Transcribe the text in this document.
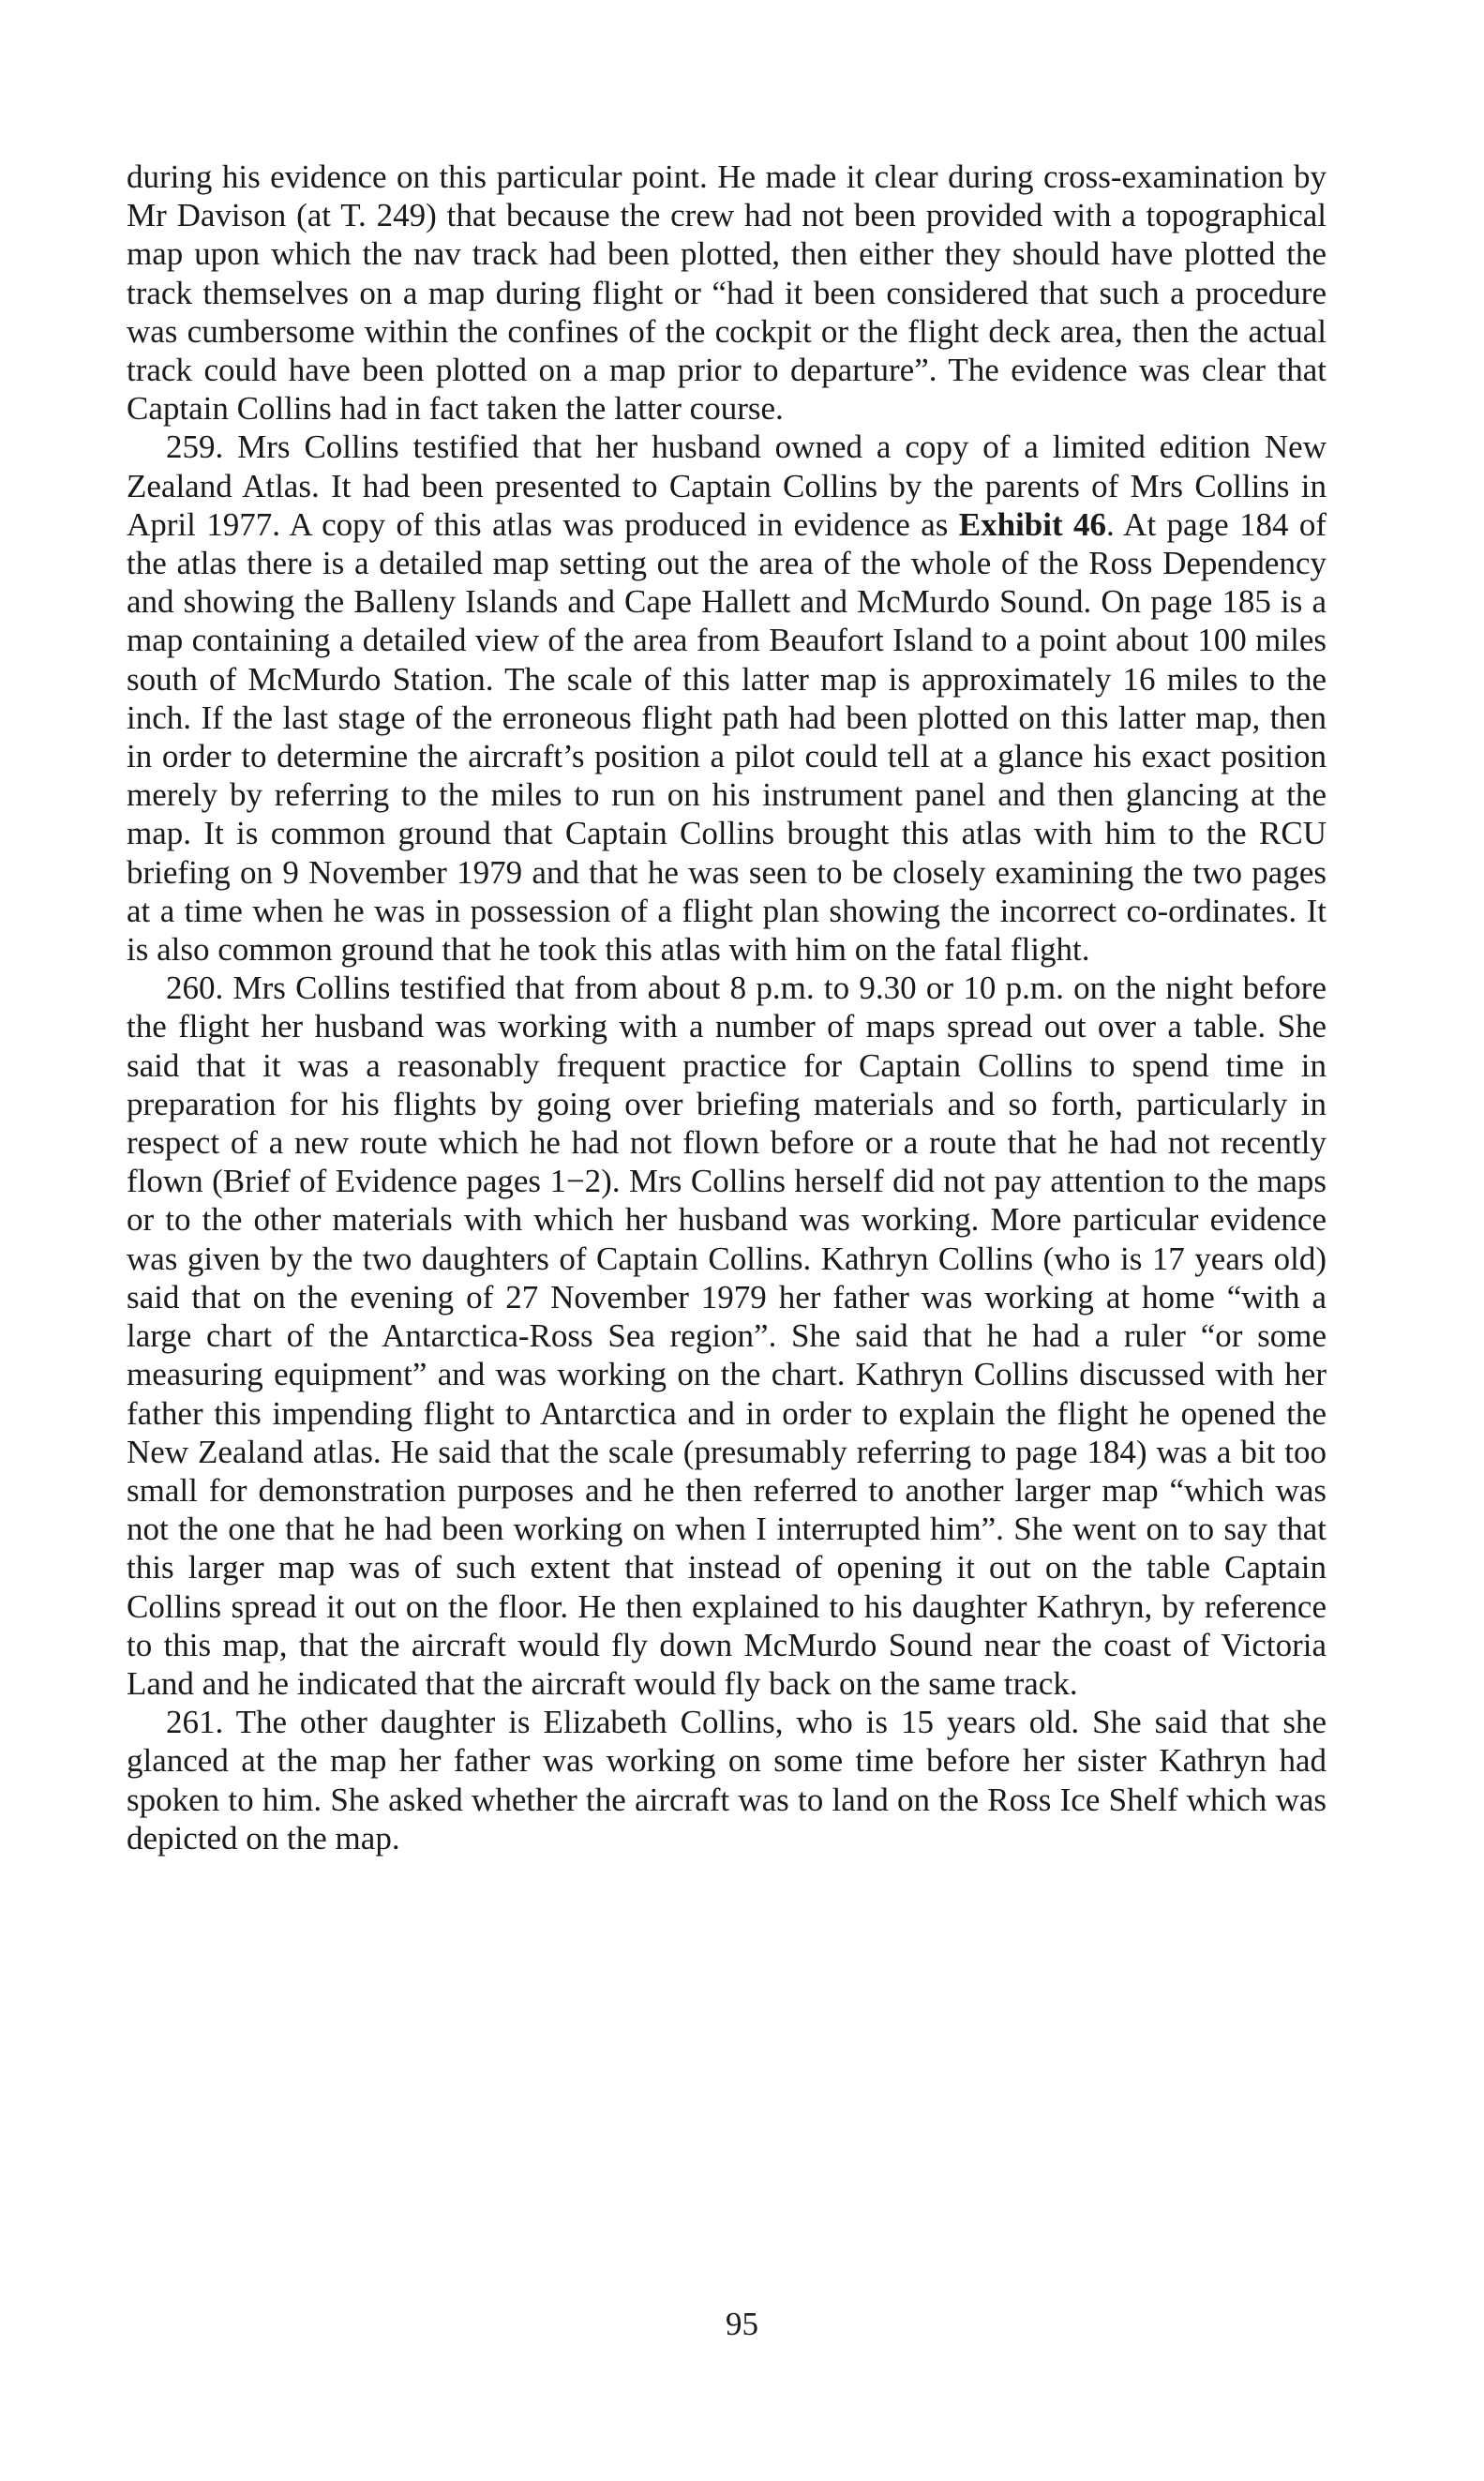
during his evidence on this particular point. He made it clear during cross-examination by Mr Davison (at T. 249) that because the crew had not been provided with a topographical map upon which the nav track had been plotted, then either they should have plotted the track themselves on a map during flight or “had it been considered that such a procedure was cumbersome within the confines of the cockpit or the flight deck area, then the actual track could have been plotted on a map prior to departure”. The evidence was clear that Captain Collins had in fact taken the latter course.

259. Mrs Collins testified that her husband owned a copy of a limited edition New Zealand Atlas. It had been presented to Captain Collins by the parents of Mrs Collins in April 1977. A copy of this atlas was produced in evidence as Exhibit 46. At page 184 of the atlas there is a detailed map setting out the area of the whole of the Ross Dependency and showing the Balleny Islands and Cape Hallett and McMurdo Sound. On page 185 is a map containing a detailed view of the area from Beaufort Island to a point about 100 miles south of McMurdo Station. The scale of this latter map is approximately 16 miles to the inch. If the last stage of the erroneous flight path had been plotted on this latter map, then in order to determine the aircraft’s position a pilot could tell at a glance his exact position merely by referring to the miles to run on his instrument panel and then glancing at the map. It is common ground that Captain Collins brought this atlas with him to the RCU briefing on 9 November 1979 and that he was seen to be closely examining the two pages at a time when he was in possession of a flight plan showing the incorrect co-ordinates. It is also common ground that he took this atlas with him on the fatal flight.

260. Mrs Collins testified that from about 8 p.m. to 9.30 or 10 p.m. on the night before the flight her husband was working with a number of maps spread out over a table. She said that it was a reasonably frequent practice for Captain Collins to spend time in preparation for his flights by going over briefing materials and so forth, particularly in respect of a new route which he had not flown before or a route that he had not recently flown (Brief of Evidence pages 1−2). Mrs Collins herself did not pay attention to the maps or to the other materials with which her husband was working. More particular evidence was given by the two daughters of Captain Collins. Kathryn Collins (who is 17 years old) said that on the evening of 27 November 1979 her father was working at home “with a large chart of the Antarctica-Ross Sea region”. She said that he had a ruler “or some measuring equipment” and was working on the chart. Kathryn Collins discussed with her father this impending flight to Antarctica and in order to explain the flight he opened the New Zealand atlas. He said that the scale (presumably referring to page 184) was a bit too small for demonstration purposes and he then referred to another larger map “which was not the one that he had been working on when I interrupted him”. She went on to say that this larger map was of such extent that instead of opening it out on the table Captain Collins spread it out on the floor. He then explained to his daughter Kathryn, by reference to this map, that the aircraft would fly down McMurdo Sound near the coast of Victoria Land and he indicated that the aircraft would fly back on the same track.

261. The other daughter is Elizabeth Collins, who is 15 years old. She said that she glanced at the map her father was working on some time before her sister Kathryn had spoken to him. She asked whether the aircraft was to land on the Ross Ice Shelf which was depicted on the map.

95
